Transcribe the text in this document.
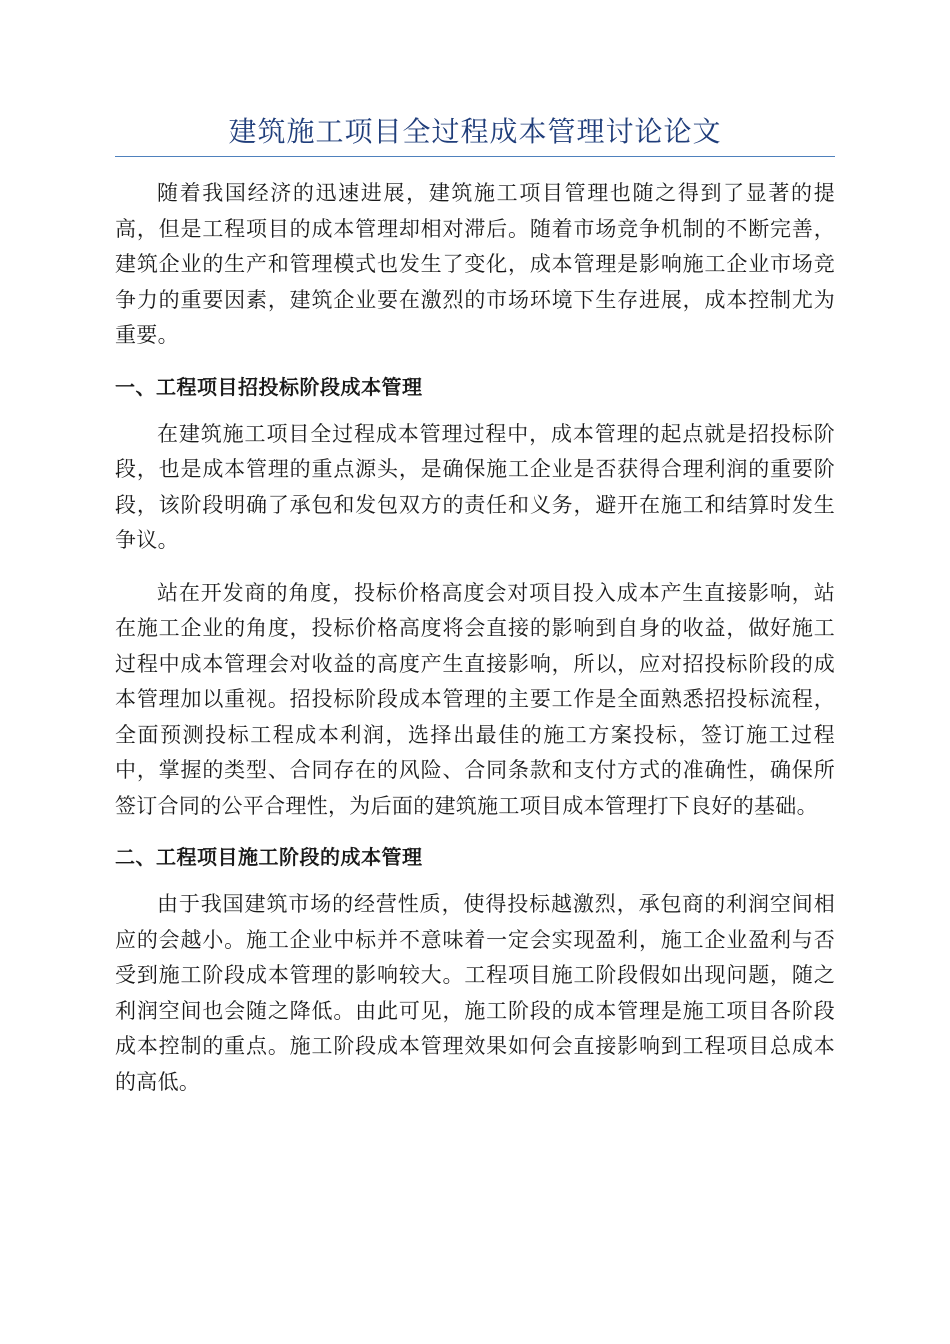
建筑施工项目全过程成本管理讨论论文

随着我国经济的迅速进展，建筑施工项目管理也随之得到了显著的提高，但是工程项目的成本管理却相对滞后。随着市场竞争机制的不断完善，建筑企业的生产和管理模式也发生了变化，成本管理是影响施工企业市场竞争力的重要因素，建筑企业要在激烈的市场环境下生存进展，成本控制尤为重要。

一、工程项目招投标阶段成本管理

在建筑施工项目全过程成本管理过程中，成本管理的起点就是招投标阶段，也是成本管理的重点源头，是确保施工企业是否获得合理利润的重要阶段，该阶段明确了承包和发包双方的责任和义务，避开在施工和结算时发生争议。

站在开发商的角度，投标价格高度会对项目投入成本产生直接影响，站在施工企业的角度，投标价格高度将会直接的影响到自身的收益，做好施工过程中成本管理会对收益的高度产生直接影响，所以，应对招投标阶段的成本管理加以重视。招投标阶段成本管理的主要工作是全面熟悉招投标流程，全面预测投标工程成本利润，选择出最佳的施工方案投标，签订施工过程中，掌握的类型、合同存在的风险、合同条款和支付方式的准确性，确保所签订合同的公平合理性，为后面的建筑施工项目成本管理打下良好的基础。

二、工程项目施工阶段的成本管理

由于我国建筑市场的经营性质，使得投标越激烈，承包商的利润空间相应的会越小。施工企业中标并不意味着一定会实现盈利，施工企业盈利与否受到施工阶段成本管理的影响较大。工程项目施工阶段假如出现问题，随之利润空间也会随之降低。由此可见，施工阶段的成本管理是施工项目各阶段成本控制的重点。施工阶段成本管理效果如何会直接影响到工程项目总成本的高低。
